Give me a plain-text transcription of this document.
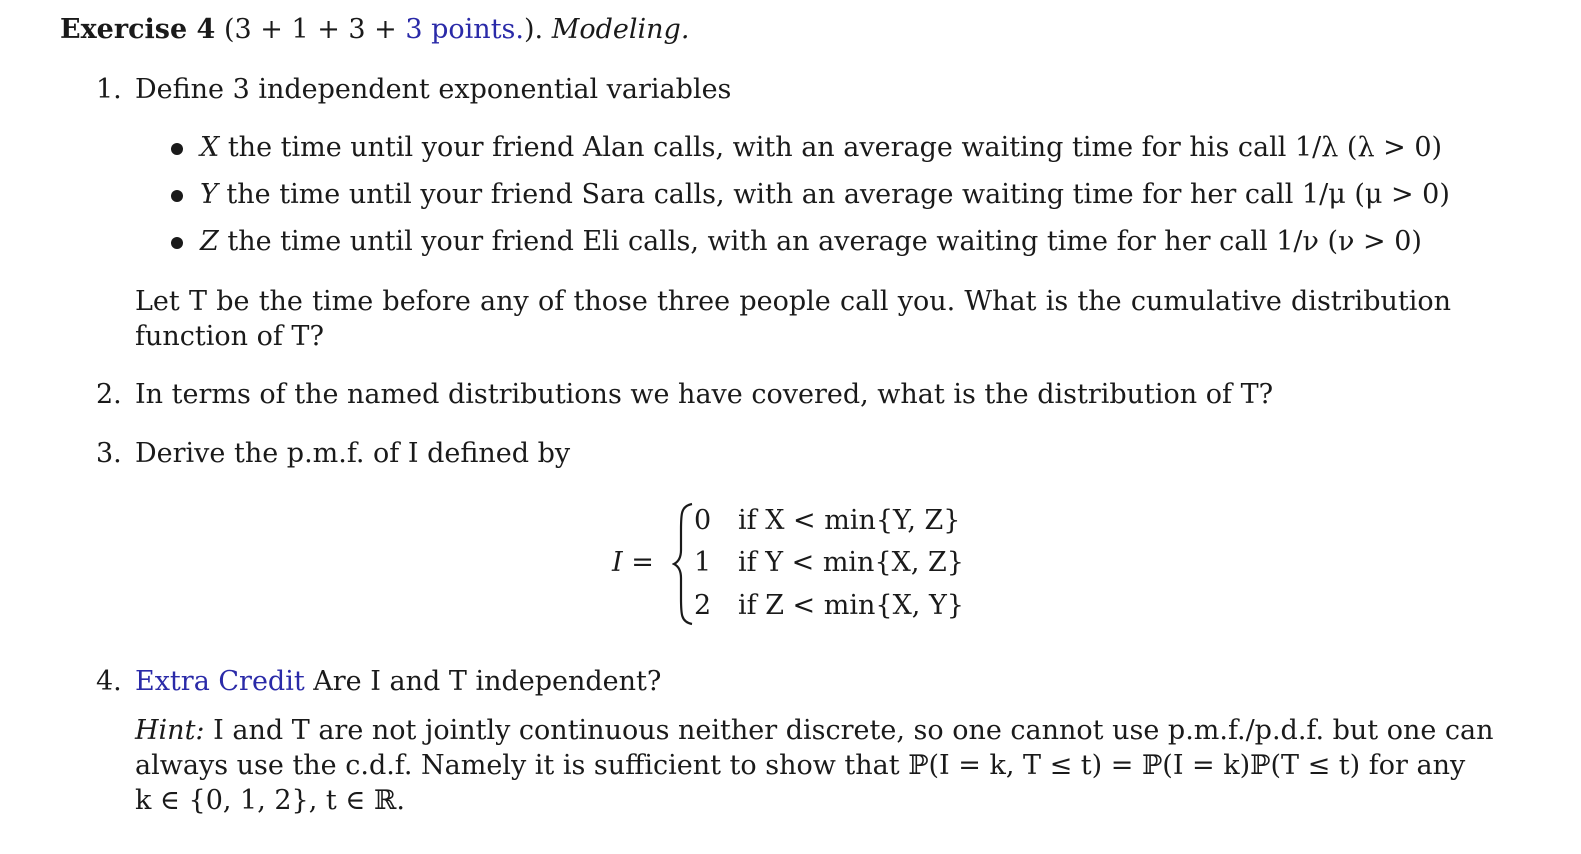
Exercise 4 (3 + 1 + 3 + 3 points.). Modeling.
1. Define 3 independent exponential variables
X the time until your friend Alan calls, with an average waiting time for his call 1/λ (λ > 0)
Y the time until your friend Sara calls, with an average waiting time for her call 1/μ (μ > 0)
Z the time until your friend Eli calls, with an average waiting time for her call 1/ν (ν > 0)
Let T be the time before any of those three people call you. What is the cumulative distribution
function of T?
2. In terms of the named distributions we have covered, what is the distribution of T?
3. Derive the p.m.f. of I defined by
I =
0 if X < min{Y, Z}
1 if Y < min{X, Z}
2 if Z < min{X, Y}
4. Extra Credit Are I and T independent?
Hint: I and T are not jointly continuous neither discrete, so one cannot use p.m.f./p.d.f. but one can
always use the c.d.f. Namely it is sufficient to show that ℙ(I = k, T ≤ t) = ℙ(I = k)ℙ(T ≤ t) for any
k ∈ {0, 1, 2}, t ∈ ℝ.
